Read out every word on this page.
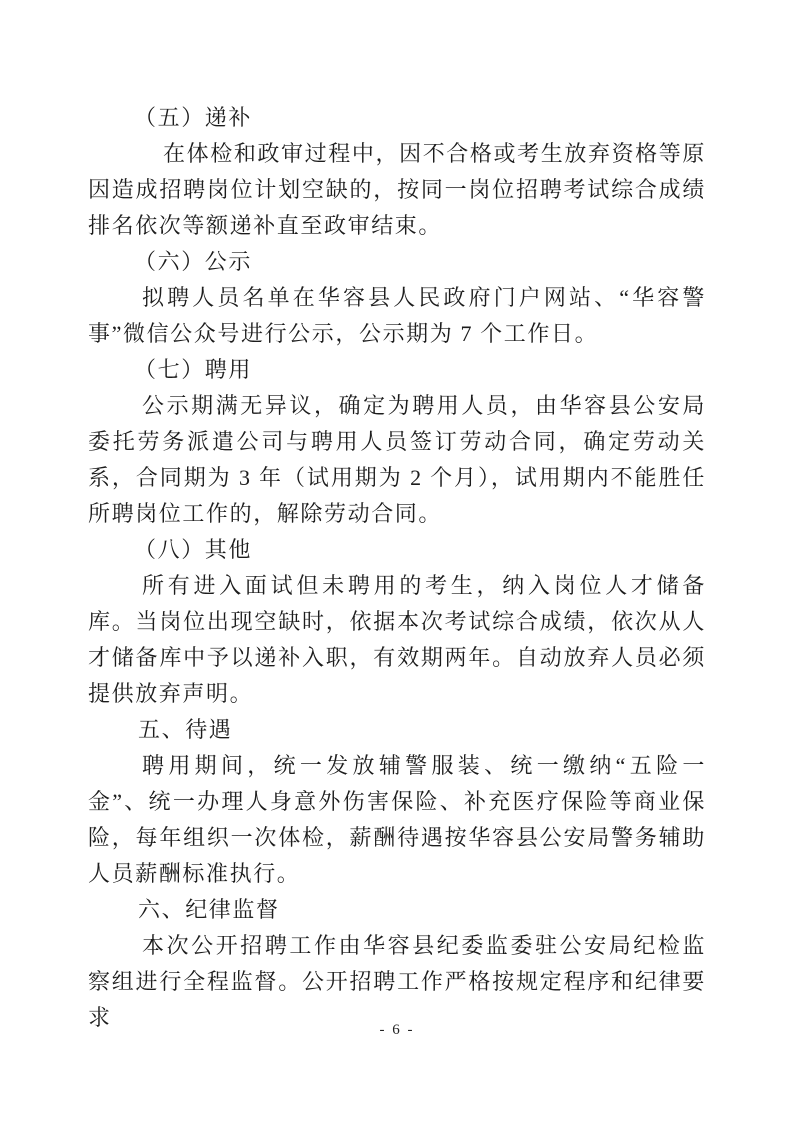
（五）递补

在体检和政审过程中，因不合格或考生放弃资格等原因造成招聘岗位计划空缺的，按同一岗位招聘考试综合成绩排名依次等额递补直至政审结束。

（六）公示

拟聘人员名单在华容县人民政府门户网站、“华容警事”微信公众号进行公示，公示期为 7 个工作日。

（七）聘用

公示期满无异议，确定为聘用人员，由华容县公安局委托劳务派遣公司与聘用人员签订劳动合同，确定劳动关系，合同期为 3 年（试用期为 2 个月），试用期内不能胜任所聘岗位工作的，解除劳动合同。

（八）其他

所有进入面试但未聘用的考生，纳入岗位人才储备库。当岗位出现空缺时，依据本次考试综合成绩，依次从人才储备库中予以递补入职，有效期两年。自动放弃人员必须提供放弃声明。

五、待遇

聘用期间，统一发放辅警服装、统一缴纳“五险一金”、统一办理人身意外伤害保险、补充医疗保险等商业保险，每年组织一次体检，薪酬待遇按华容县公安局警务辅助人员薪酬标准执行。

六、纪律监督

本次公开招聘工作由华容县纪委监委驻公安局纪检监察组进行全程监督。公开招聘工作严格按规定程序和纪律要求	- 6 -
